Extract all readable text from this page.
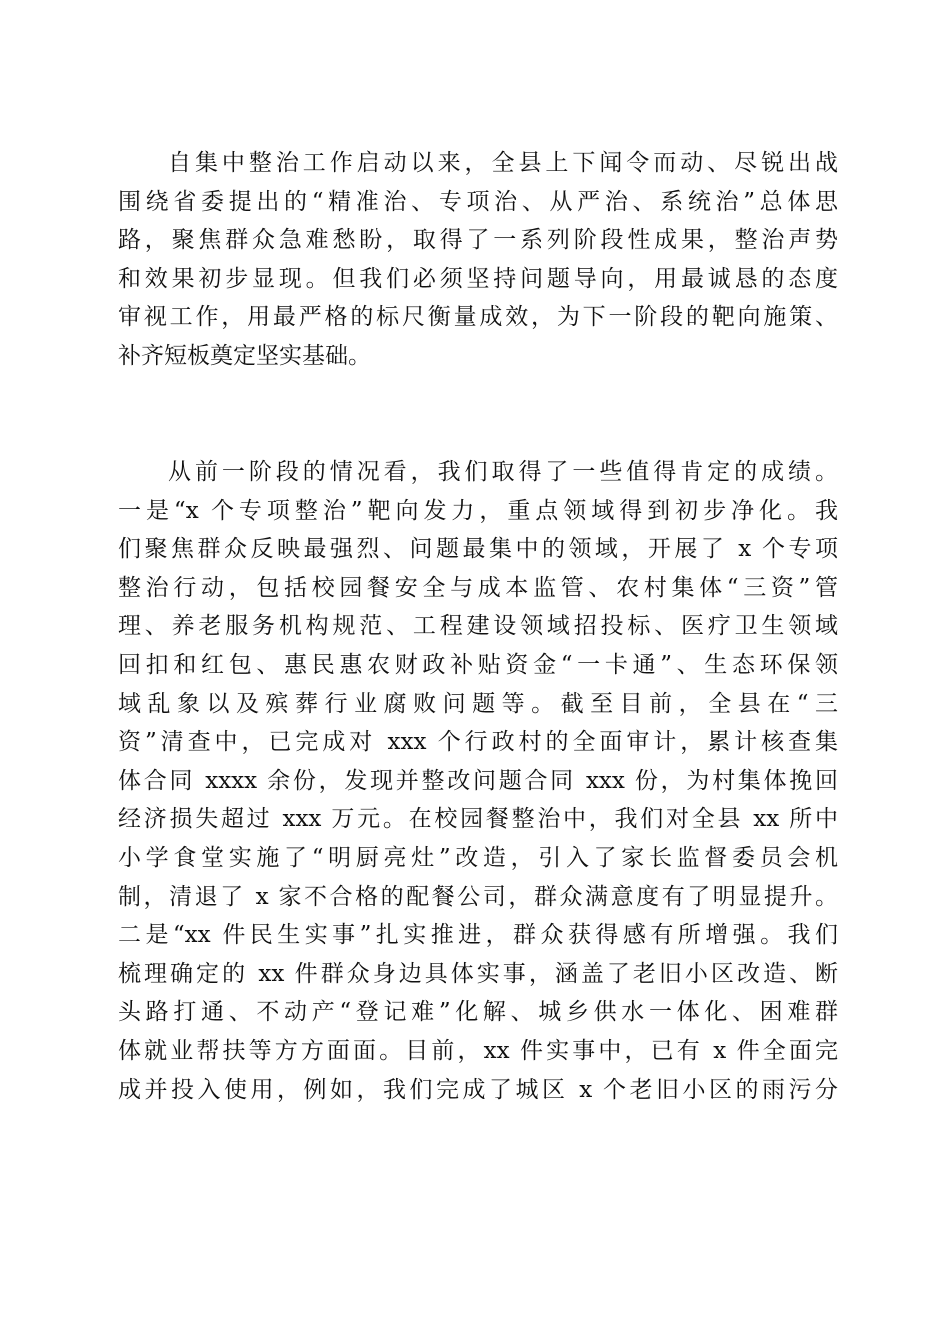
自集中整治工作启动以来，全县上下闻令而动、尽锐出战
围绕省委提出的“精准治、专项治、从严治、系统治”总体思
路，聚焦群众急难愁盼，取得了一系列阶段性成果，整治声势
和效果初步显现。但我们必须坚持问题导向，用最诚恳的态度
审视工作，用最严格的标尺衡量成效，为下一阶段的靶向施策、
补齐短板奠定坚实基础。
从前一阶段的情况看，我们取得了一些值得肯定的成绩。
一是“x 个专项整治”靶向发力，重点领域得到初步净化。我
们聚焦群众反映最强烈、问题最集中的领域，开展了 x 个专项
整治行动，包括校园餐安全与成本监管、农村集体“三资”管
理、养老服务机构规范、工程建设领域招投标、医疗卫生领域
回扣和红包、惠民惠农财政补贴资金“一卡通”、生态环保领
域乱象以及殡葬行业腐败问题等。截至目前，全县在“三
资”清查中，已完成对 xxx 个行政村的全面审计，累计核查集
体合同 xxxx 余份，发现并整改问题合同 xxx 份，为村集体挽回
经济损失超过 xxx 万元。在校园餐整治中，我们对全县 xx 所中
小学食堂实施了“明厨亮灶”改造，引入了家长监督委员会机
制，清退了 x 家不合格的配餐公司，群众满意度有了明显提升。
二是“xx 件民生实事”扎实推进，群众获得感有所增强。我们
梳理确定的 xx 件群众身边具体实事，涵盖了老旧小区改造、断
头路打通、不动产“登记难”化解、城乡供水一体化、困难群
体就业帮扶等方方面面。目前，xx 件实事中，已有 x 件全面完
成并投入使用，例如，我们完成了城区 x 个老旧小区的雨污分
